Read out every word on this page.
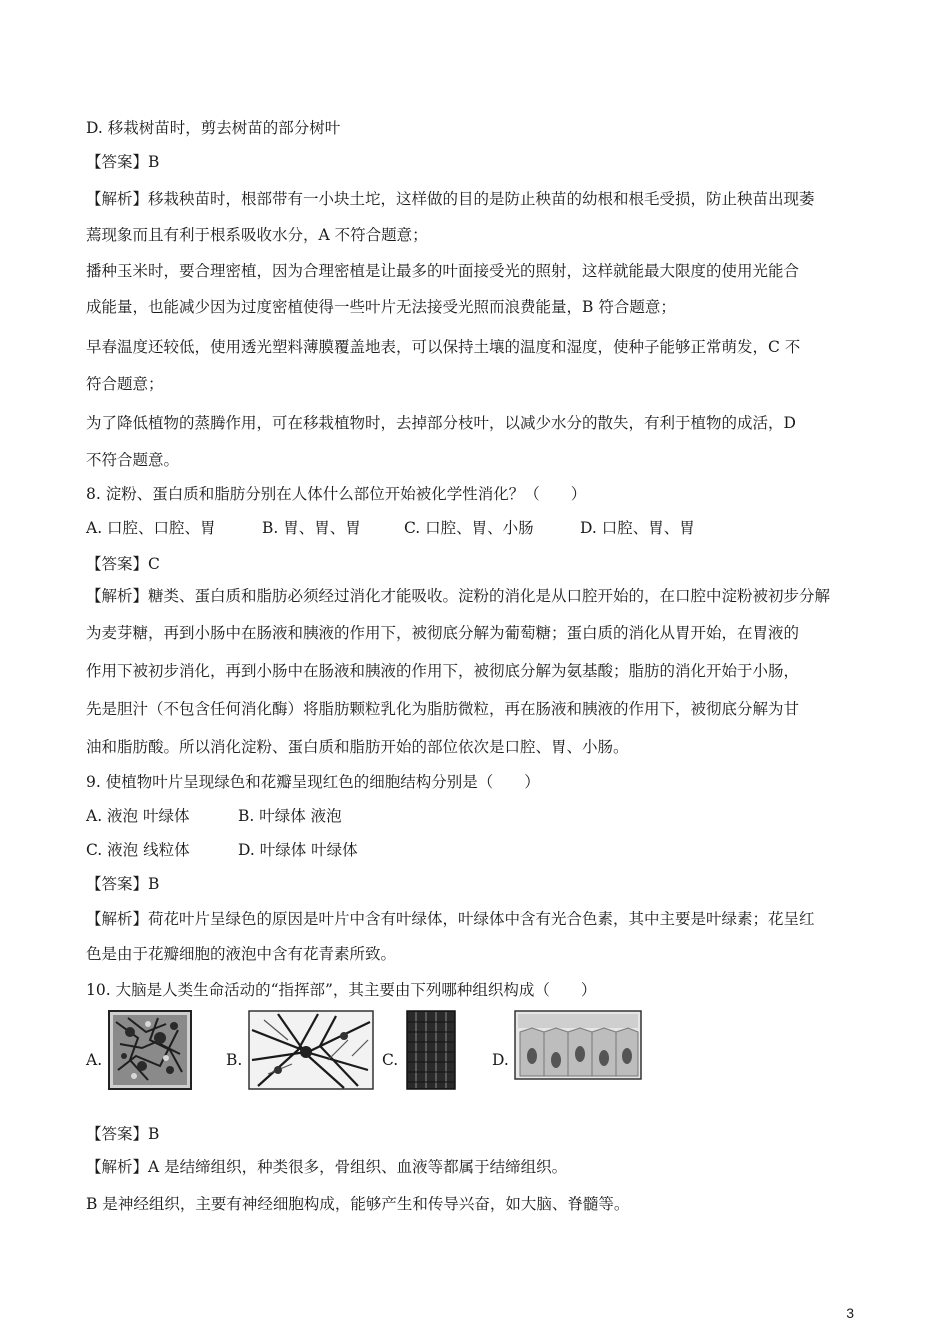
D. 移栽树苗时，剪去树苗的部分树叶
【答案】B
【解析】移栽秧苗时，根部带有一小块土坨，这样做的目的是防止秧苗的幼根和根毛受损，防止秧苗出现萎
蔫现象而且有利于根系吸收水分，A 不符合题意；
播种玉米时，要合理密植，因为合理密植是让最多的叶面接受光的照射，这样就能最大限度的使用光能合
成能量，也能减少因为过度密植使得一些叶片无法接受光照而浪费能量，B 符合题意；
早春温度还较低，使用透光塑料薄膜覆盖地表，可以保持土壤的温度和湿度，使种子能够正常萌发，C 不
符合题意；
为了降低植物的蒸腾作用，可在移栽植物时，去掉部分枝叶，以减少水分的散失，有利于植物的成活，D
不符合题意。
8. 淀粉、蛋白质和脂肪分别在人体什么部位开始被化学性消化？（　　）
A. 口腔、口腔、胃	B. 胃、胃、胃	C. 口腔、胃、小肠	D. 口腔、胃、胃
【答案】C
【解析】糖类、蛋白质和脂肪必须经过消化才能吸收。淀粉的消化是从口腔开始的，在口腔中淀粉被初步分解
为麦芽糖，再到小肠中在肠液和胰液的作用下，被彻底分解为葡萄糖；蛋白质的消化从胃开始，在胃液的
作用下被初步消化，再到小肠中在肠液和胰液的作用下，被彻底分解为氨基酸；脂肪的消化开始于小肠，
先是胆汁（不包含任何消化酶）将脂肪颗粒乳化为脂肪微粒，再在肠液和胰液的作用下，被彻底分解为甘
油和脂肪酸。所以消化淀粉、蛋白质和脂肪开始的部位依次是口腔、胃、小肠。
9. 使植物叶片呈现绿色和花瓣呈现红色的细胞结构分别是（　　）
A. 液泡 叶绿体	B. 叶绿体 液泡
C. 液泡 线粒体	D. 叶绿体 叶绿体
【答案】B
【解析】荷花叶片呈绿色的原因是叶片中含有叶绿体，叶绿体中含有光合色素，其中主要是叶绿素；花呈红
色是由于花瓣细胞的液泡中含有花青素所致。
10. 大脑是人类生命活动的“指挥部”，其主要由下列哪种组织构成（　　）
A.	B.	C.	D.
【答案】B
【解析】A 是结缔组织，种类很多，骨组织、血液等都属于结缔组织。
B 是神经组织，主要有神经细胞构成，能够产生和传导兴奋，如大脑、脊髓等。
3
